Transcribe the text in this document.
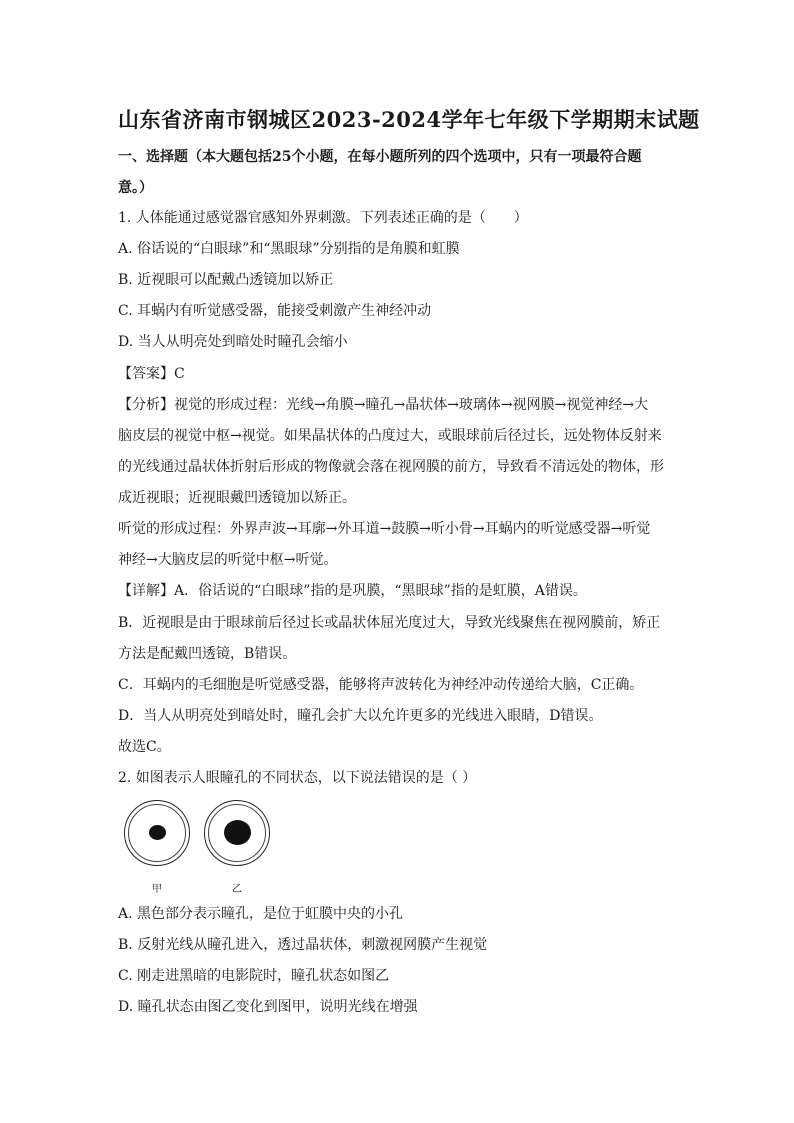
山东省济南市钢城区2023-2024学年七年级下学期期末试题
一、选择题（本大题包括25个小题，在每小题所列的四个选项中，只有一项最符合题
意。）
1. 人体能通过感觉器官感知外界刺激。下列表述正确的是（　　）
A. 俗话说的“白眼球”和“黑眼球”分别指的是角膜和虹膜
B. 近视眼可以配戴凸透镜加以矫正
C. 耳蜗内有听觉感受器，能接受刺激产生神经冲动
D. 当人从明亮处到暗处时瞳孔会缩小
【答案】C
【分析】视觉的形成过程：光线→角膜→瞳孔→晶状体→玻璃体→视网膜→视觉神经→大
脑皮层的视觉中枢→视觉。如果晶状体的凸度过大，或眼球前后径过长，远处物体反射来
的光线通过晶状体折射后形成的物像就会落在视网膜的前方，导致看不清远处的物体，形
成近视眼；近视眼戴凹透镜加以矫正。
听觉的形成过程：外界声波→耳廓→外耳道→鼓膜→听小骨→耳蜗内的听觉感受器→听觉
神经→大脑皮层的听觉中枢→听觉。
【详解】A．俗话说的“白眼球”指的是巩膜，“黑眼球”指的是虹膜，A错误。
B．近视眼是由于眼球前后径过长或晶状体屈光度过大，导致光线聚焦在视网膜前，矫正
方法是配戴凹透镜，B错误。
C．耳蜗内的毛细胞是听觉感受器，能够将声波转化为神经冲动传递给大脑，C正确。
D．当人从明亮处到暗处时，瞳孔会扩大以允许更多的光线进入眼睛，D错误。
故选C。
2. 如图表示人眼瞳孔的不同状态，以下说法错误的是（ ）
甲	乙
A. 黑色部分表示瞳孔，是位于虹膜中央的小孔
B. 反射光线从瞳孔进入，透过晶状体，刺激视网膜产生视觉
C. 刚走进黑暗的电影院时，瞳孔状态如图乙
D. 瞳孔状态由图乙变化到图甲，说明光线在增强
